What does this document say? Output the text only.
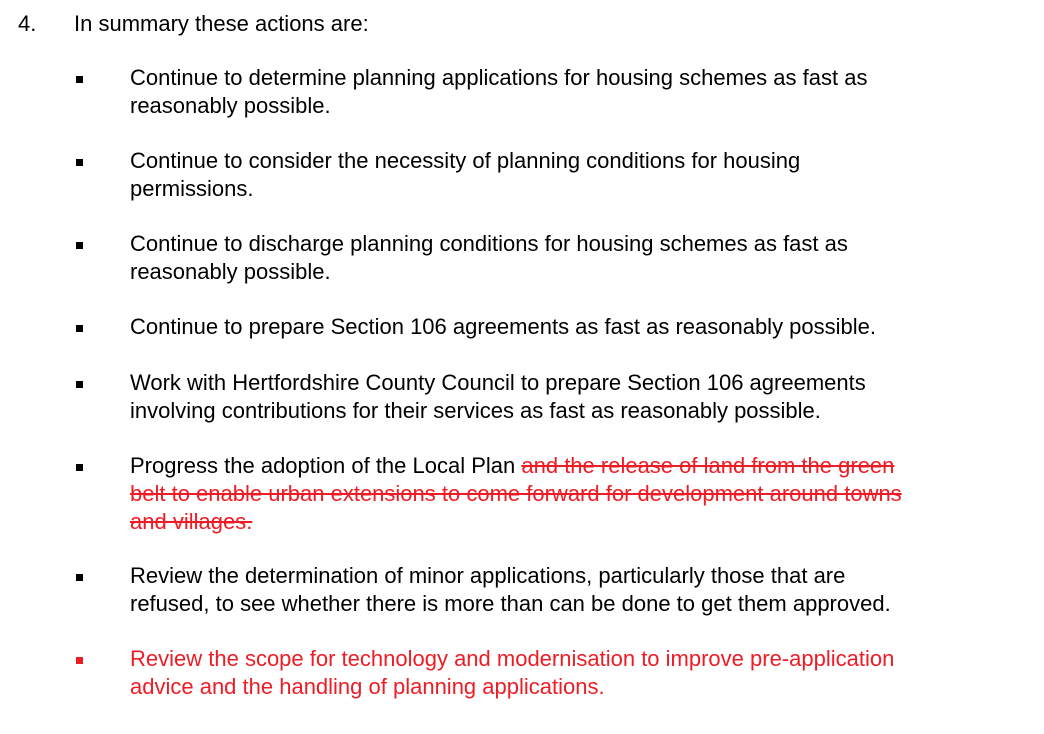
4. In summary these actions are:
Continue to determine planning applications for housing schemes as fast as
reasonably possible.
Continue to consider the necessity of planning conditions for housing
permissions.
Continue to discharge planning conditions for housing schemes as fast as
reasonably possible.
Continue to prepare Section 106 agreements as fast as reasonably possible.
Work with Hertfordshire County Council to prepare Section 106 agreements
involving contributions for their services as fast as reasonably possible.
Progress the adoption of the Local Plan and the release of land from the green
belt to enable urban extensions to come forward for development around towns
and villages.
Review the determination of minor applications, particularly those that are
refused, to see whether there is more than can be done to get them approved.
Review the scope for technology and modernisation to improve pre-application
advice and the handling of planning applications.
